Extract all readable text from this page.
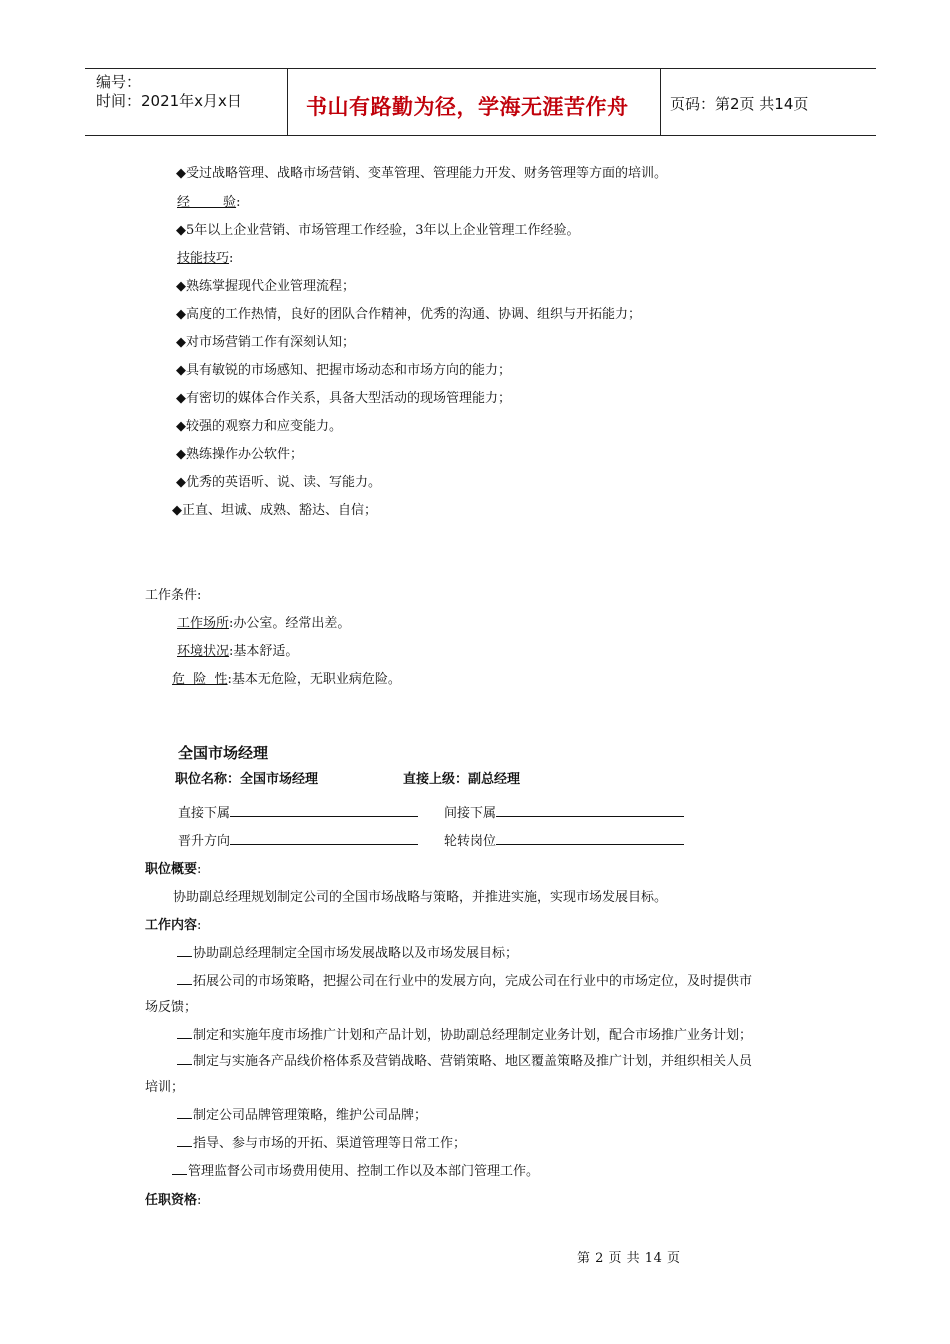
编号：
时间：2021年x月x日	书山有路勤为径，学海无涯苦作舟	页码：第2页 共14页
◆受过战略管理、战略市场营销、变革管理、管理能力开发、财务管理等方面的培训。
经        验:
◆5年以上企业营销、市场管理工作经验，3年以上企业管理工作经验。
技能技巧:
◆熟练掌握现代企业管理流程；
◆高度的工作热情，良好的团队合作精神，优秀的沟通、协调、组织与开拓能力；
◆对市场营销工作有深刻认知；
◆具有敏锐的市场感知、把握市场动态和市场方向的能力；
◆有密切的媒体合作关系，具备大型活动的现场管理能力；
◆较强的观察力和应变能力。
◆熟练操作办公软件；
◆优秀的英语听、说、读、写能力。
◆正直、坦诚、成熟、豁达、自信；
工作条件:
工作场所:办公室。经常出差。
环境状况:基本舒适。
危  险  性:基本无危险，无职业病危险。
全国市场经理
职位名称：全国市场经理	直接上级：副总经理
直接下属	间接下属
晋升方向	轮转岗位
职位概要:
协助副总经理规划制定公司的全国市场战略与策略，并推进实施，实现市场发展目标。
工作内容:
协助副总经理制定全国市场发展战略以及市场发展目标；
拓展公司的市场策略，把握公司在行业中的发展方向，完成公司在行业中的市场定位，及时提供市
场反馈；
制定和实施年度市场推广计划和产品计划，协助副总经理制定业务计划，配合市场推广业务计划；
制定与实施各产品线价格体系及营销战略、营销策略、地区覆盖策略及推广计划，并组织相关人员
培训；
制定公司品牌管理策略，维护公司品牌；
指导、参与市场的开拓、渠道管理等日常工作；
管理监督公司市场费用使用、控制工作以及本部门管理工作。
任职资格:
第 2 页 共 14 页
